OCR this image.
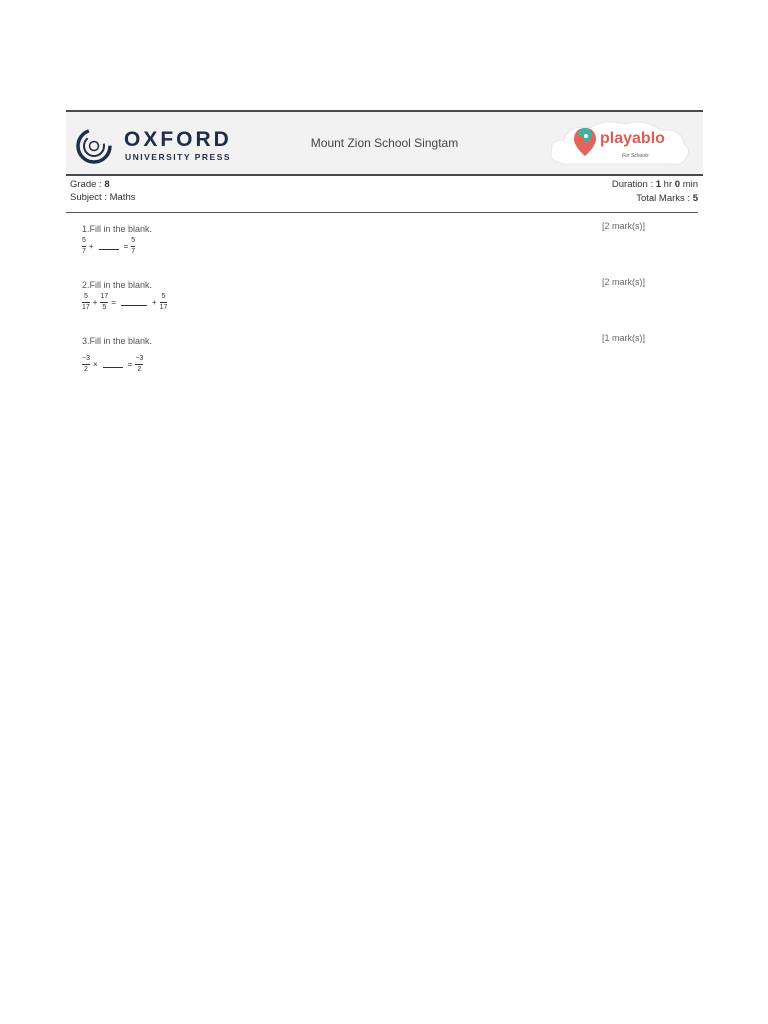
OXFORD
UNIVERSITY PRESS
Mount Zion School Singtam	playablo
For Schools
Grade : 8
Subject : Maths
Duration : 1 hr 0 min
Total Marks : 5
1.Fill in the blank.	[2 mark(s)]
$\frac{5}{7}$ +	= $\frac{5}{7}$
2.Fill in the blank.	[2 mark(s)]
$\frac{5}{17} + \frac{17}{5}$ =	+ $\frac{5}{17}$
3.Fill in the blank.	[1 mark(s)]
$\frac{-3}{2}$ ×	= $\frac{-3}{2}$
